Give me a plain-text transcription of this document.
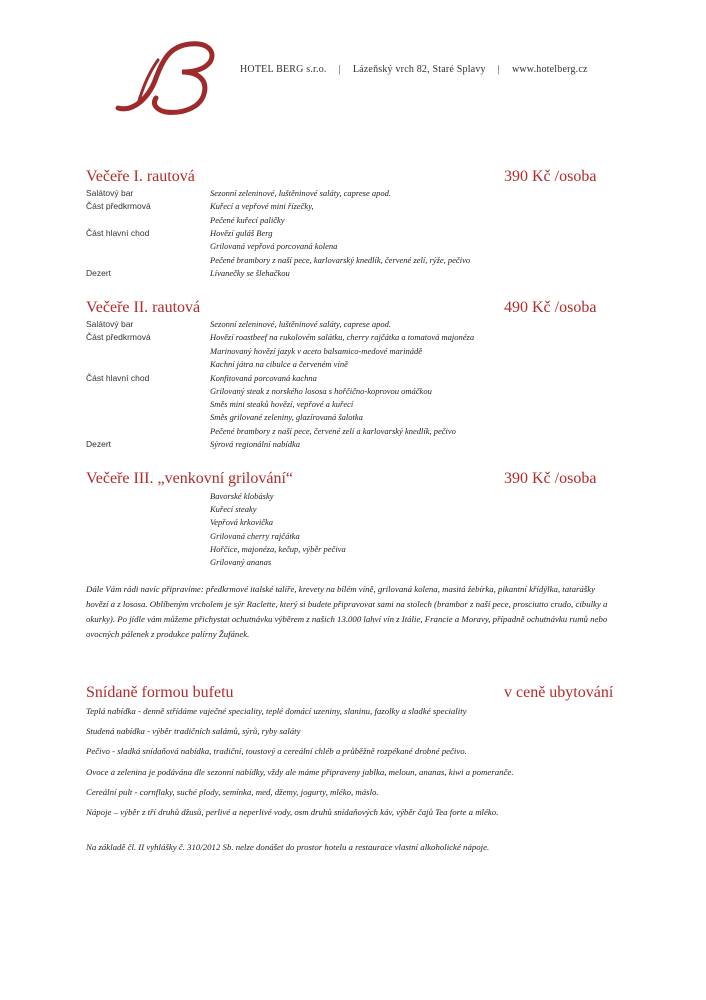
HOTEL BERG s.r.o. | Lázeňský vrch 82, Staré Splavy | www.hotelberg.cz
Večeře I. rautová	390 Kč /osoba
Salátový bar	Sezonní zeleninové, luštěninové saláty, caprese apod.
Část předkrmová	Kuřecí a vepřové mini řízečky,
Pečené kuřecí paličky
Část hlavní chod	Hovězí guláš Berg
Grilovaná vepřová porcovaná kolena
Pečené brambory z naší pece, karlovarský knedlík, červené zelí, rýže, pečivo
Dezert	Lívanečky se šlehačkou
Večeře II. rautová	490 Kč /osoba
Salátový bar	Sezonní zeleninové, luštěninové saláty, caprese apod.
Část předkrmová	Hovězí roastbeef na rukolovém salátku, cherry rajčátka a tomatová majonéza
Marinovaný hovězí jazyk v aceto balsamico-medové marinádě
Kachní játra na cibulce a červeném víně
Část hlavní chod	Konfitovaná porcovaná kachna
Grilovaný steak z norského lososa s hořčično-koprovou omáčkou
Směs mini steaků hovězí, vepřové a kuřecí
Směs grilované zeleniny, glazírovaná šalotka
Pečené brambory z naší pece, červené zelí a karlovarský knedlík, pečivo
Dezert	Sýrová regionální nabídka
Večeře III. „venkovní grilování“	390 Kč /osoba
Bavorské klobásky
Kuřecí steaky
Vepřová krkovička
Grilovaná cherry rajčátka
Hořčice, majonéza, kečup, výběr pečiva
Grilovaný ananas
Dále Vám rádi navíc připravíme: předkrmové italské talíře, krevety na bílém víně, grilovaná kolena, masitá žebírka, pikantní křídýlka, tatarášky hovězí a z lososa. Oblíbeným vrcholem je sýr Raclette, který si budete připravovat sami na stolech (brambor z naší pece, prosciutto crudo, cibulky a okurky). Po jídle vám můžeme přichystat ochutnávku výběrem z našich 13.000 lahví vín z Itálie, Francie a Moravy, případně ochutnávku rumů nebo ovocných pálenek z produkce palírny Žufánek.
Snídaně formou bufetu	v ceně ubytování
Teplá nabídka - denně střídáme vaječné speciality, teplé domácí uzeniny, slaninu, fazolky a sladké speciality
Studená nabídka - výběr tradičních salámů, sýrů, ryby saláty
Pečivo - sladká snídaňová nabídka, tradiční, toustový a cereální chléb a průběžně rozpékané drobné pečivo.
Ovoce a zelenina je podávána dle sezonní nabídky, vždy ale máme připraveny jablka, meloun, ananas, kiwi a pomeranče.
Cereální pult - cornflaky, suché plody, semínka, med, džemy, jogurty, mléko, máslo.
Nápoje – výběr z tří druhů džusů, perlivé a neperlivé vody, osm druhů snídaňových káv, výběr čajů Tea forte a mléko.
Na základě čl. II vyhlášky č. 310/2012 Sb. nelze donášet do prostor hotelu a restaurace vlastní alkoholické nápoje.
